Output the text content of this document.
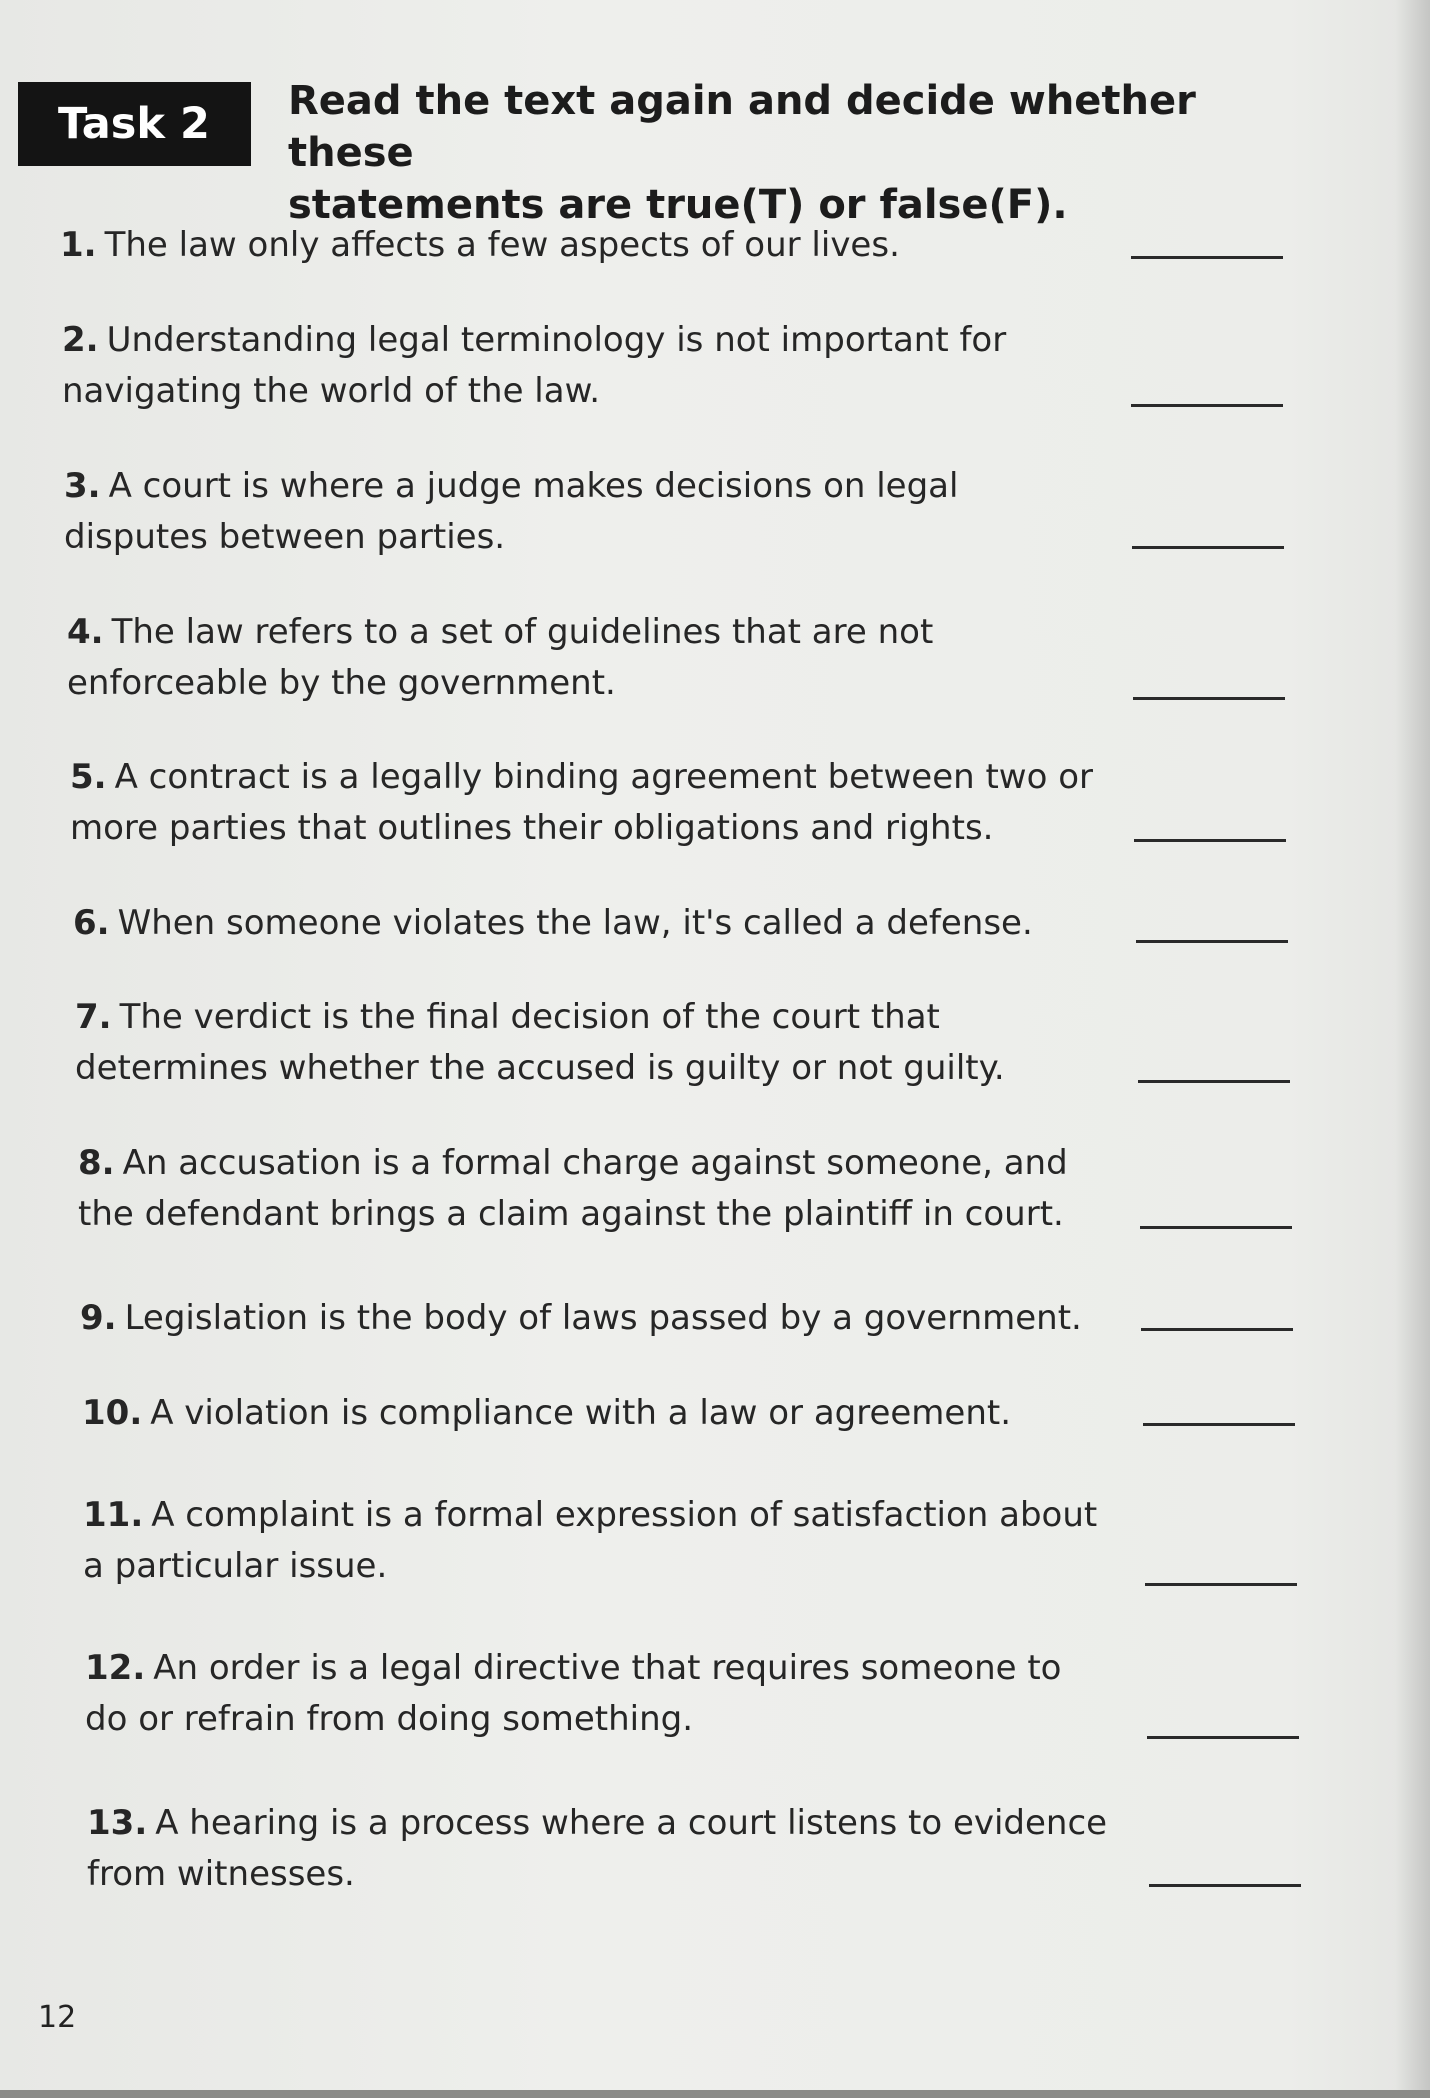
Task 2	Read the text again and decide whether these
statements are true(T) or false(F).
1. The law only affects a few aspects of our lives.
2. Understanding legal terminology is not important for
navigating the world of the law.
3. A court is where a judge makes decisions on legal
disputes between parties.
4. The law refers to a set of guidelines that are not
enforceable by the government.
5. A contract is a legally binding agreement between two or
more parties that outlines their obligations and rights.
6. When someone violates the law, it's called a defense.
7. The verdict is the final decision of the court that
determines whether the accused is guilty or not guilty.
8. An accusation is a formal charge against someone, and
the defendant brings a claim against the plaintiff in court.
9. Legislation is the body of laws passed by a government.
10. A violation is compliance with a law or agreement.
11. A complaint is a formal expression of satisfaction about
a particular issue.
12. An order is a legal directive that requires someone to
do or refrain from doing something.
13. A hearing is a process where a court listens to evidence
from witnesses.
12
